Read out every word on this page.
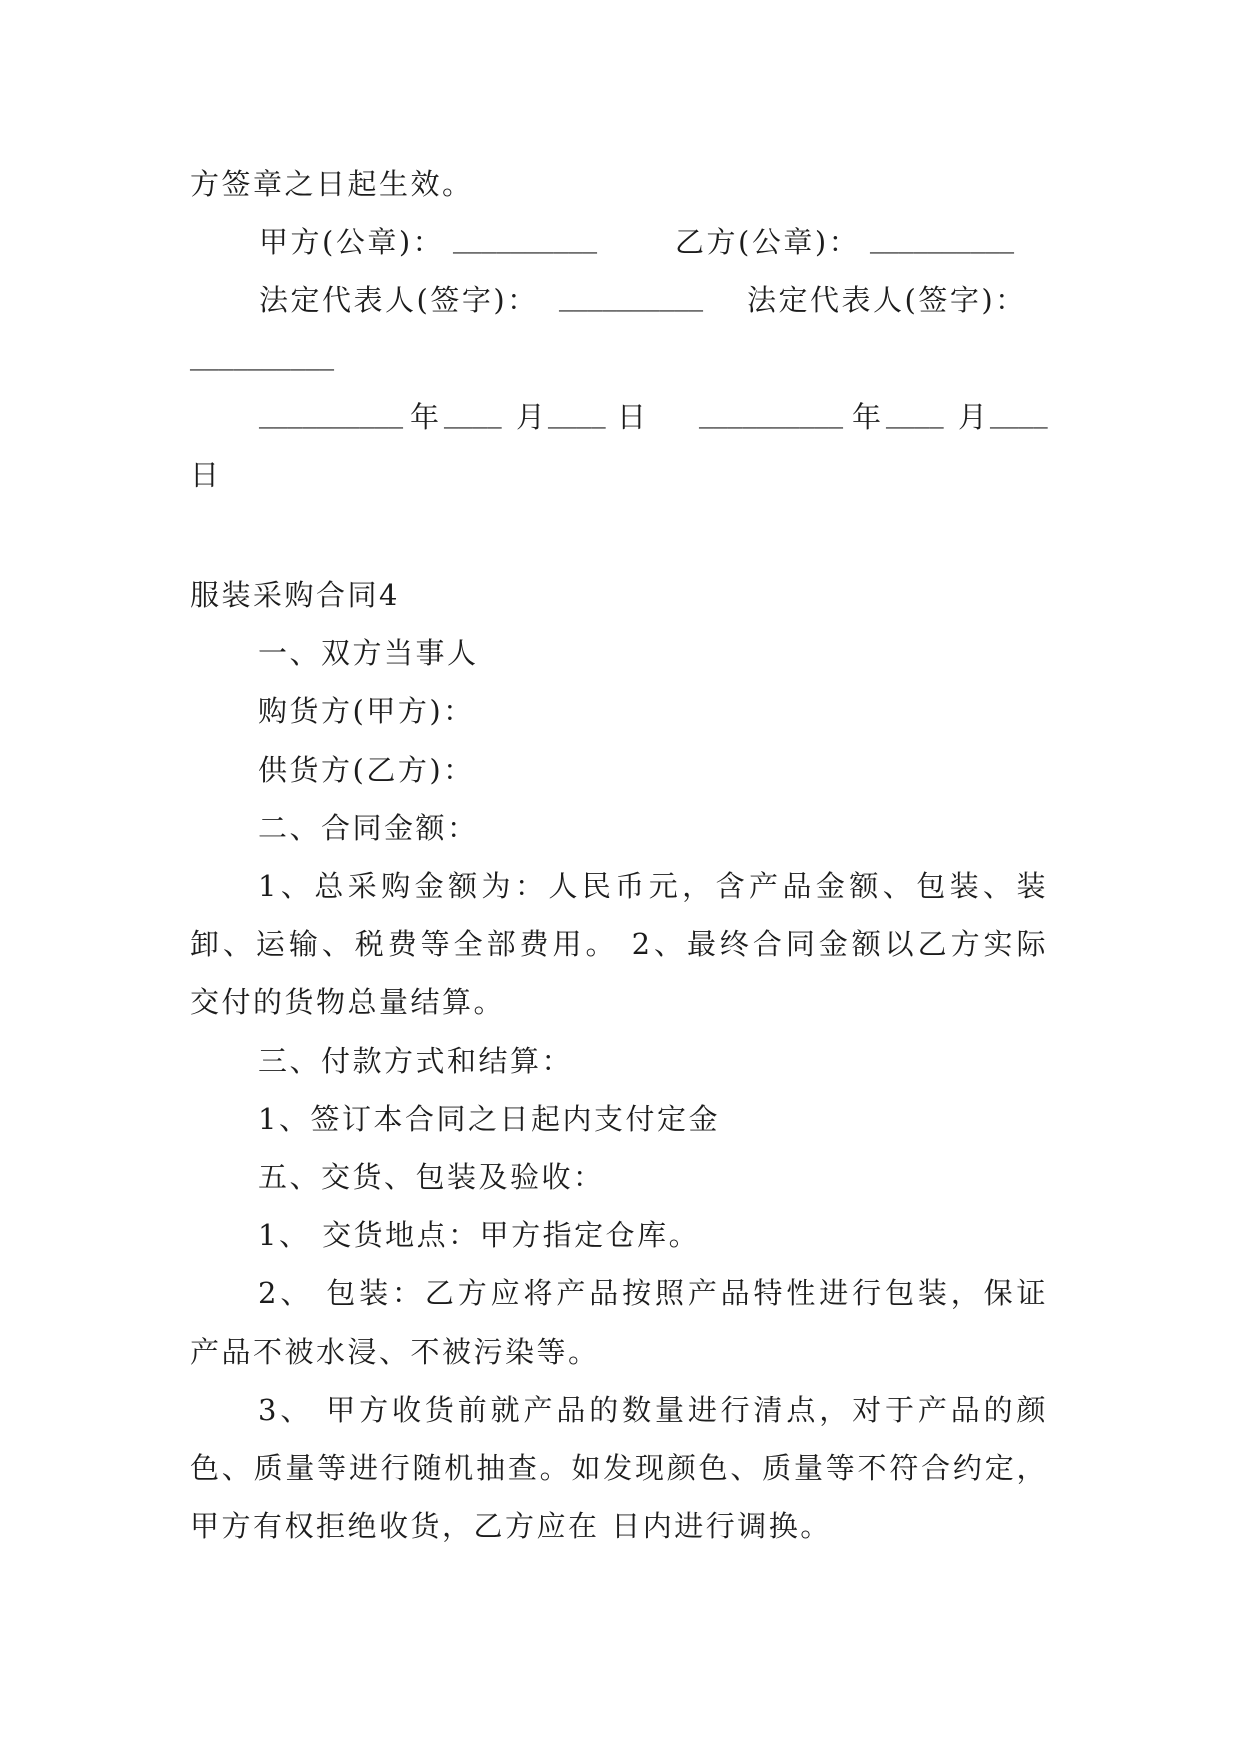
方签章之日起生效。
甲方(公章)： __________	乙方(公章)： __________
法定代表人(签字)： __________ 法定代表人(签字)：
__________
__________ 年 ____ 月 ____ 日 __________ 年 ____ 月 ____
日
服装采购合同4
一、双方当事人
购货方(甲方)：
供货方(乙方)：
二、合同金额：
1、总采购金额为：人民币元，含产品金额、包装、装
卸、运输、税费等全部费用。 2、最终合同金额以乙方实际
交付的货物总量结算。
三、付款方式和结算：
1、签订本合同之日起内支付定金
五、交货、包装及验收：
1、 交货地点：甲方指定仓库。
2、 包装：乙方应将产品按照产品特性进行包装，保证
产品不被水浸、不被污染等。
3、 甲方收货前就产品的数量进行清点，对于产品的颜
色、质量等进行随机抽查。如发现颜色、质量等不符合约定，
甲方有权拒绝收货，乙方应在 日内进行调换。
